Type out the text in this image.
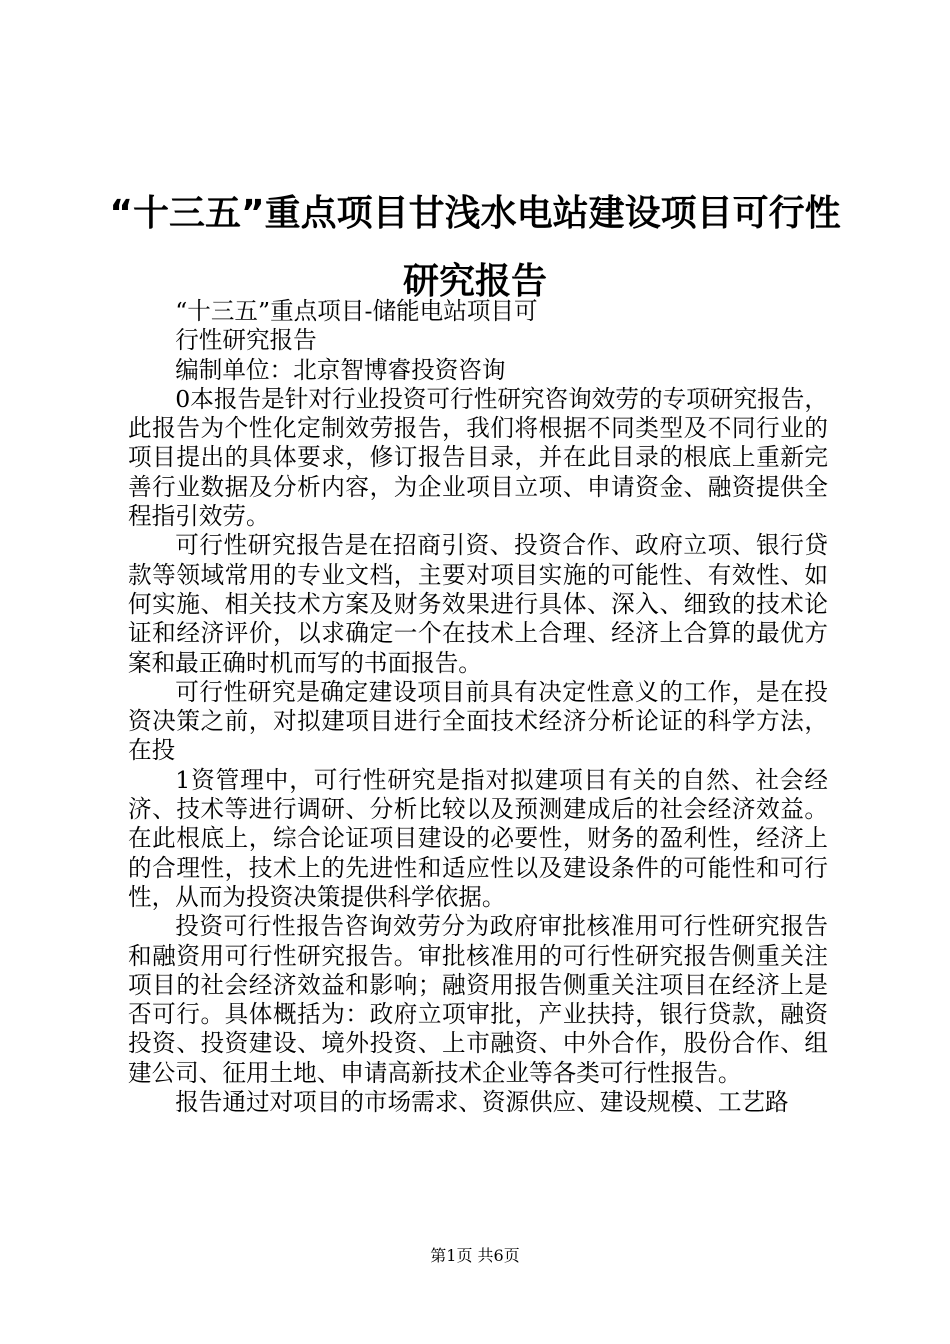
“十三五”重点项目甘浅水电站建设项目可行性研究报告

“十三五”重点项目-储能电站项目可

行性研究报告

编制单位：北京智博睿投资咨询

0本报告是针对行业投资可行性研究咨询效劳的专项研究报告，此报告为个性化定制效劳报告，我们将根据不同类型及不同行业的项目提出的具体要求，修订报告目录，并在此目录的根底上重新完善行业数据及分析内容，为企业项目立项、申请资金、融资提供全程指引效劳。

可行性研究报告是在招商引资、投资合作、政府立项、银行贷款等领域常用的专业文档，主要对项目实施的可能性、有效性、如何实施、相关技术方案及财务效果进行具体、深入、细致的技术论证和经济评价，以求确定一个在技术上合理、经济上合算的最优方案和最正确时机而写的书面报告。

可行性研究是确定建设项目前具有决定性意义的工作，是在投资决策之前，对拟建项目进行全面技术经济分析论证的科学方法，在投

1资管理中，可行性研究是指对拟建项目有关的自然、社会经济、技术等进行调研、分析比较以及预测建成后的社会经济效益。在此根底上，综合论证项目建设的必要性，财务的盈利性，经济上的合理性，技术上的先进性和适应性以及建设条件的可能性和可行性，从而为投资决策提供科学依据。

投资可行性报告咨询效劳分为政府审批核准用可行性研究报告和融资用可行性研究报告。审批核准用的可行性研究报告侧重关注项目的社会经济效益和影响；融资用报告侧重关注项目在经济上是否可行。具体概括为：政府立项审批，产业扶持，银行贷款，融资投资、投资建设、境外投资、上市融资、中外合作，股份合作、组建公司、征用土地、申请高新技术企业等各类可行性报告。

报告通过对项目的市场需求、资源供应、建设规模、工艺路

第1页 共6页
